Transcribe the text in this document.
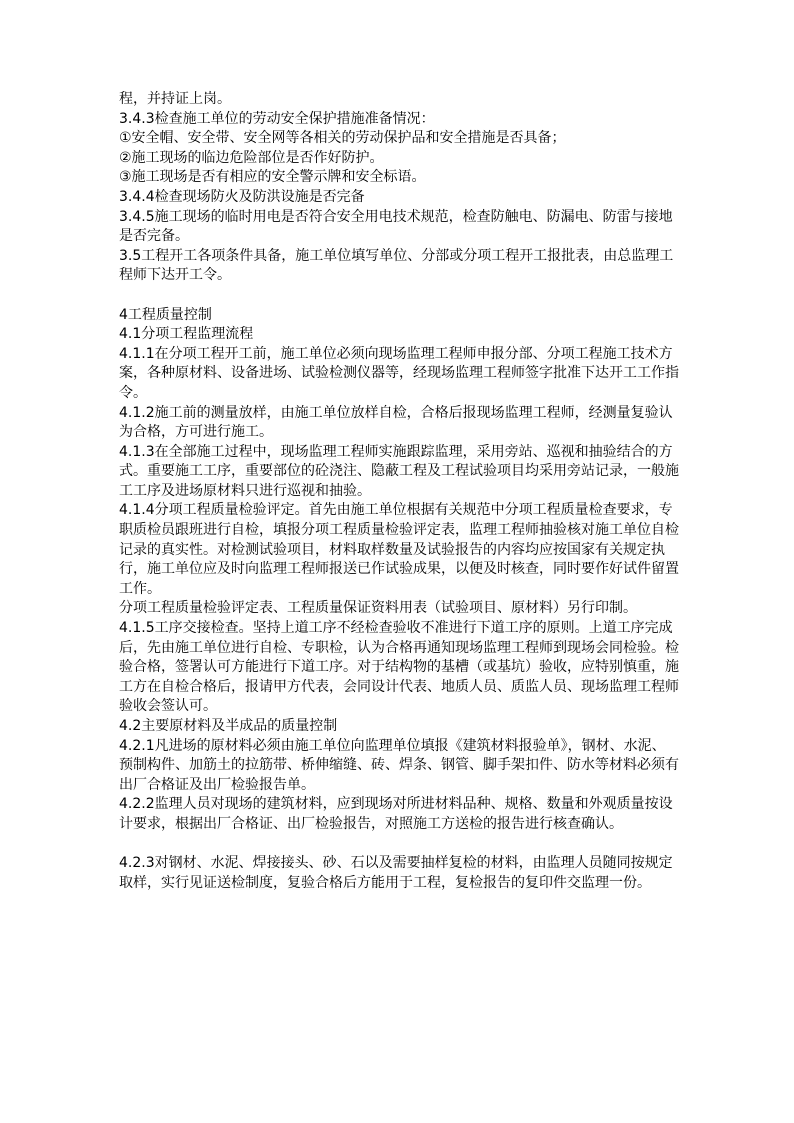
程，并持证上岗。

3.4.3检查施工单位的劳动安全保护措施准备情况：

①安全帽、安全带、安全网等各相关的劳动保护品和安全措施是否具备；

②施工现场的临边危险部位是否作好防护。

③施工现场是否有相应的安全警示牌和安全标语。

3.4.4检查现场防火及防洪设施是否完备

3.4.5施工现场的临时用电是否符合安全用电技术规范，检查防触电、防漏电、防雷与接地是否完备。

3.5工程开工各项条件具备，施工单位填写单位、分部或分项工程开工报批表，由总监理工程师下达开工令。

4工程质量控制

4.1分项工程监理流程

4.1.1在分项工程开工前，施工单位必须向现场监理工程师申报分部、分项工程施工技术方案，各种原材料、设备进场、试验检测仪器等，经现场监理工程师签字批准下达开工工作指令。

4.1.2施工前的测量放样，由施工单位放样自检，合格后报现场监理工程师，经测量复验认为合格，方可进行施工。

4.1.3在全部施工过程中，现场监理工程师实施跟踪监理，采用旁站、巡视和抽验结合的方式。重要施工工序，重要部位的砼浇注、隐蔽工程及工程试验项目均采用旁站记录，一般施工工序及进场原材料只进行巡视和抽验。

4.1.4分项工程质量检验评定。首先由施工单位根据有关规范中分项工程质量检查要求，专职质检员跟班进行自检，填报分项工程质量检验评定表，监理工程师抽验核对施工单位自检记录的真实性。对检测试验项目，材料取样数量及试验报告的内容均应按国家有关规定执行，施工单位应及时向监理工程师报送已作试验成果，以便及时核查，同时要作好试件留置工作。

分项工程质量检验评定表、工程质量保证资料用表（试验项目、原材料）另行印制。

4.1.5工序交接检查。坚持上道工序不经检查验收不准进行下道工序的原则。上道工序完成后，先由施工单位进行自检、专职检，认为合格再通知现场监理工程师到现场会同检验。检验合格，签署认可方能进行下道工序。对于结构物的基槽（或基坑）验收，应特别慎重，施工方在自检合格后，报请甲方代表，会同设计代表、地质人员、质监人员、现场监理工程师验收会签认可。

4.2主要原材料及半成品的质量控制

4.2.1凡进场的原材料必须由施工单位向监理单位填报《建筑材料报验单》，钢材、水泥、预制构件、加筋土的拉筋带、桥伸缩缝、砖、焊条、钢管、脚手架扣件、防水等材料必须有出厂合格证及出厂检验报告单。

4.2.2监理人员对现场的建筑材料，应到现场对所进材料品种、规格、数量和外观质量按设计要求，根据出厂合格证、出厂检验报告，对照施工方送检的报告进行核查确认。

4.2.3对钢材、水泥、焊接接头、砂、石以及需要抽样复检的材料，由监理人员随同按规定取样，实行见证送检制度，复验合格后方能用于工程，复检报告的复印件交监理一份。
